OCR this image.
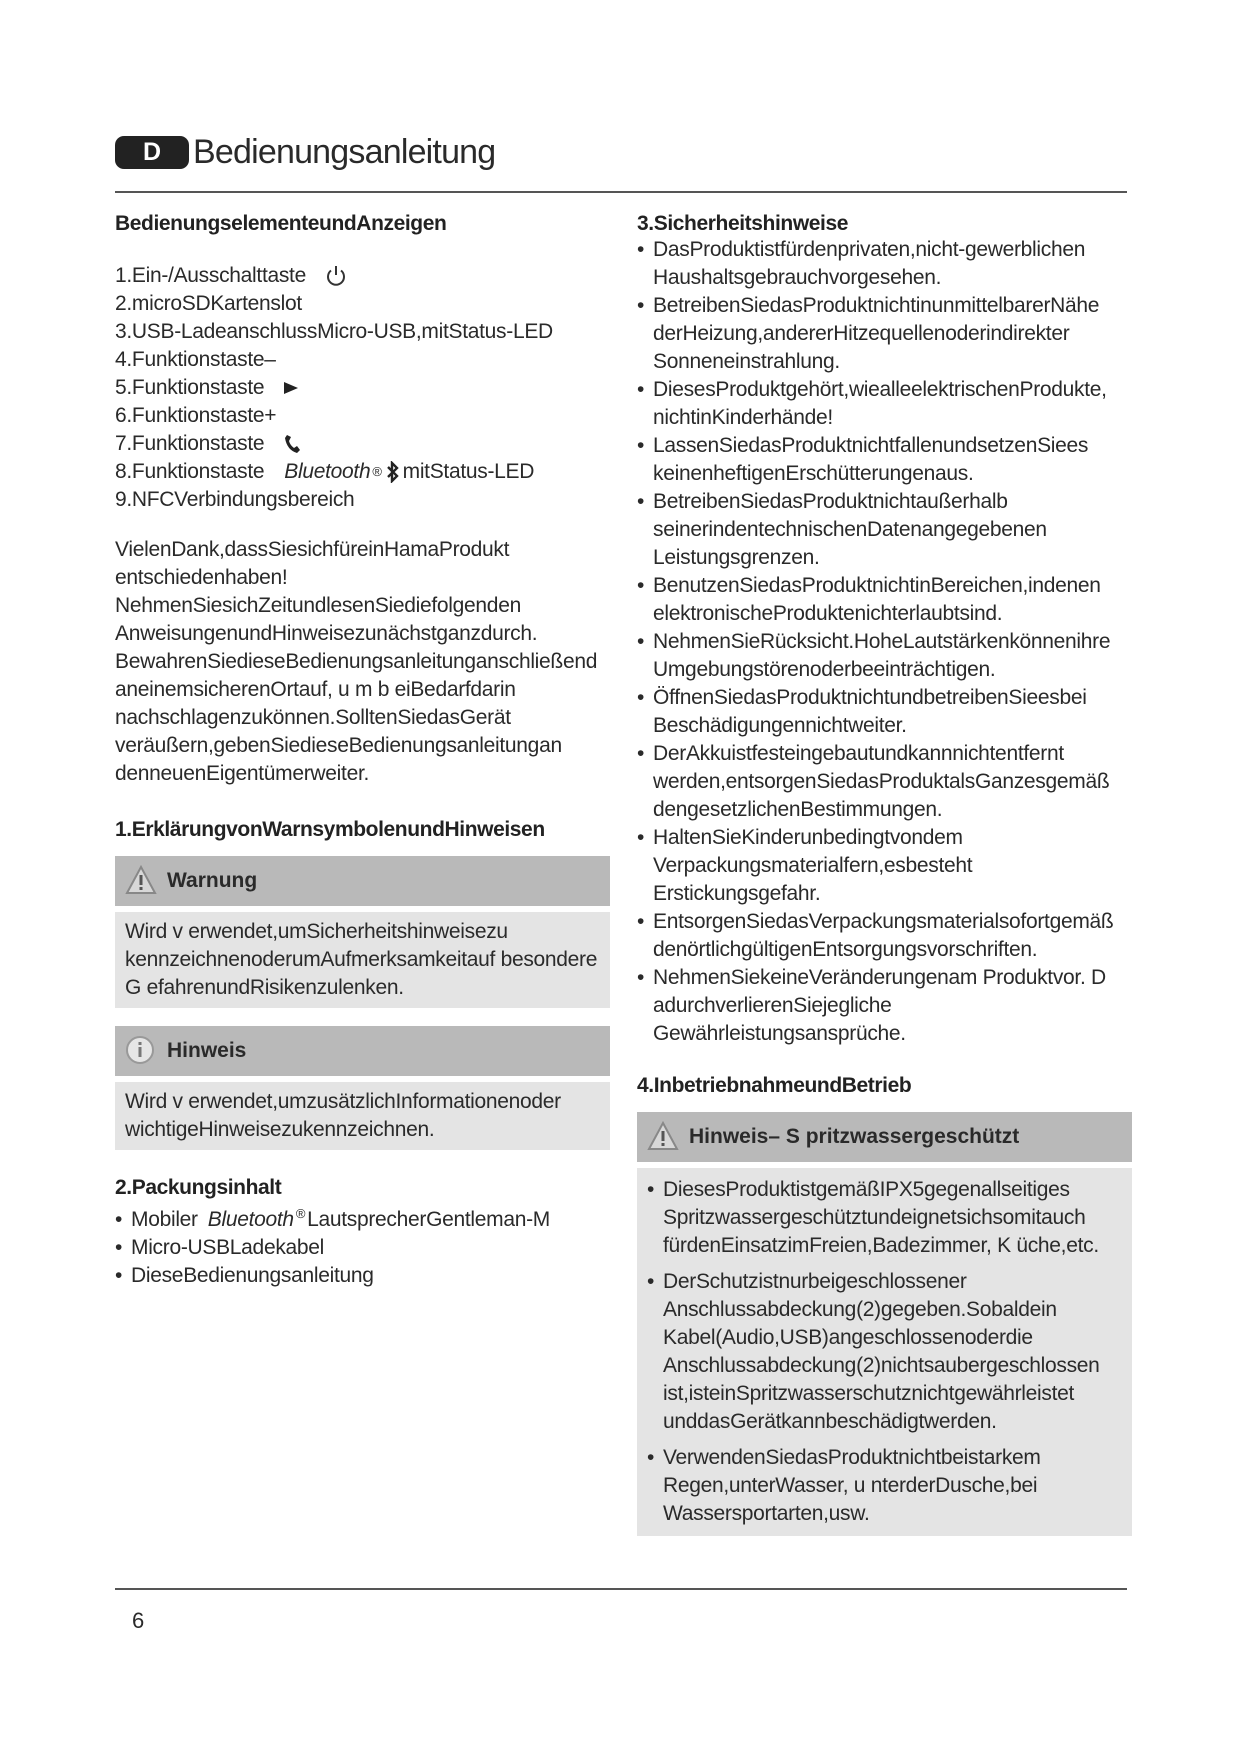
D Bedienungsanleitung
BedienungselementeundAnzeigen
1.Ein-/Ausschalttaste
2.microSDKartenslot
3.USB-LadeanschlussMicro-USB,mitStatus-LED
4.Funktionstaste–
5.Funktionstaste
6.Funktionstaste+
7.Funktionstaste
8.Funktionstaste Bluetooth ® mitStatus-LED
9.NFCVerbindungsbereich

VielenDank,dassSiesichfüreinHamaProdukt entschiedenhaben! NehmenSiesichZeitundlesenSiediefolgenden AnweisungenundHinweisezunächstganzdurch. BewahrenSiedieseBedienungsanleitunganschließend aneinemsicherenOrtauf, u m b eiBedarfdarin nachschlagenzukönnen.SolltenSiedasGerät veräußern,gebenSiedieseBedienungsanleitungan denneuenEigentümerweiter.

1.ErklärungvonWarnsymbolenundHinweisen
Warnung
Wird v erwendet,umSicherheitshinweisezu kennzeichnenoderumAufmerksamkeitauf besondere G efahrenundRisikenzulenken.
Hinweis
Wird v erwendet,umzusätzlichInformationenoder wichtigeHinweisezukennzeichnen.
2.Packungsinhalt
• Mobiler Bluetooth ®LautsprecherGentleman-M
• Micro-USBLadekabel
• DieseBedienungsanleitung
3.Sicherheitshinweise
• DasProduktistfürdenprivaten,nicht-gewerblichen Haushaltsgebrauchvorgesehen.
• BetreibenSiedasProduktnichtinunmittelbarerNähe derHeizung,andererHitzequellenoderindirekter Sonneneinstrahlung.
• DiesesProduktgehört,wiealleelektrischenProdukte, nichtinKinderhände!
• LassenSiedasProduktnichtfallenundsetzenSiees keinenheftigenErschütterungenaus.
• BetreibenSiedasProduktnichtaußerhalb seinerindentechnischenDatenangegebenen Leistungsgrenzen.
• BenutzenSiedasProduktnichtinBereichen,indenen elektronischeProduktenichterlaubtsind.
• NehmenSieRücksicht.HoheLautstärkenkönnenihre Umgebungstörenoderbeeinträchtigen.
• ÖffnenSiedasProduktnichtundbetreibenSieesbei Beschädigungennichtweiter.
• DerAkkuistfesteingebautundkannnichtentfernt werden,entsorgenSiedasProduktalsGanzesgemäß dengesetzlichenBestimmungen.
• HaltenSieKinderunbedingtvondem Verpackungsmaterialfern,esbesteht Erstickungsgefahr.
• EntsorgenSiedasVerpackungsmaterialsofortgemäß denörtlichgültigenEntsorgungsvorschriften.
• NehmenSiekeineVeränderungenam Produktvor. D adurchverlierenSiejegliche Gewährleistungsansprüche.
4.InbetriebnahmeundBetrieb
Hinweis– S pritzwassergeschützt
• DiesesProduktistgemäßIPX5gegenallseitiges Spritzwassergeschütztundeignetsichsomitauch fürdenEinsatzimFreien,Badezimmer, K üche,etc.
• DerSchutzistnurbeigeschlossener Anschlussabdeckung(2)gegeben.Sobaldein Kabel(Audio,USB)angeschlossenoderdie Anschlussabdeckung(2)nichtsaubergeschlossen ist,isteinSpritzwasserschutznichtgewährleistet unddasGerätkannbeschädigtwerden.
• VerwendenSiedasProduktnichtbeistarkem Regen,unterWasser, u nterderDusche,bei Wassersportarten,usw.
6
